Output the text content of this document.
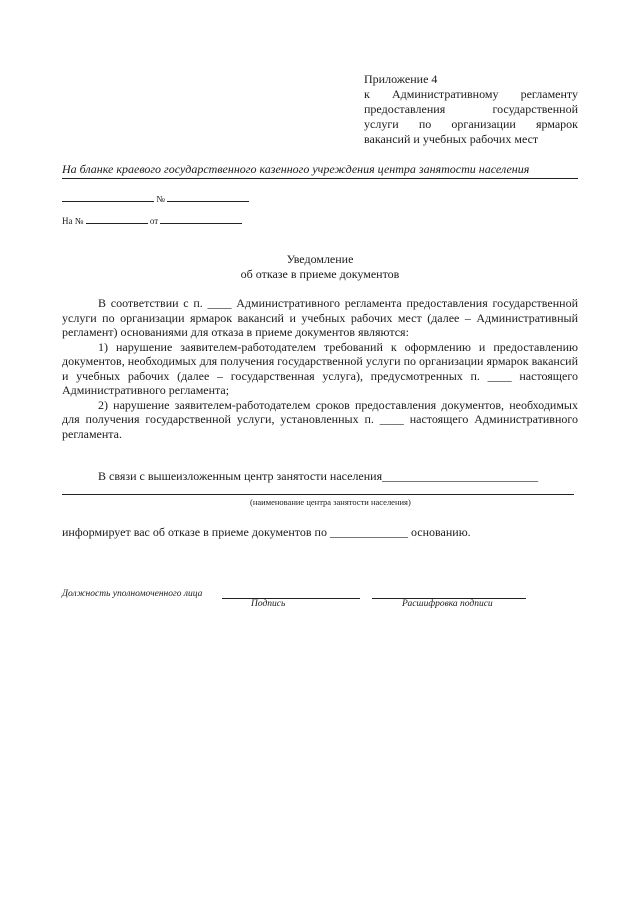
Приложение 4
к Административному регламенту
предоставления государственной
услуги по организации ярмарок
вакансий и учебных рабочих мест
На бланке краевого государственного казенного учреждения центра занятости населения
№
На №	от
Уведомление
об отказе в приеме документов

В соответствии с п. ____ Административного регламента предоставления государственной услуги по организации ярмарок вакансий и учебных рабочих мест (далее – Административный регламент) основаниями для отказа в приеме документов являются:

1) нарушение заявителем-работодателем требований к оформлению и предоставлению документов, необходимых для получения государственной услуги по организации ярмарок вакансий и учебных рабочих (далее – государственная услуга), предусмотренных п. ____ настоящего Административного регламента;

2) нарушение заявителем-работодателем сроков предоставления документов, необходимых для получения государственной услуги, установленных п. ____ настоящего Административного регламента.

В связи с вышеизложенным центр занятости населения__________________________
(наименование центра занятости населения)
информирует вас об отказе в приеме документов по _____________ основанию.
Должность уполномоченного лица
Подпись	Расшифровка подписи
